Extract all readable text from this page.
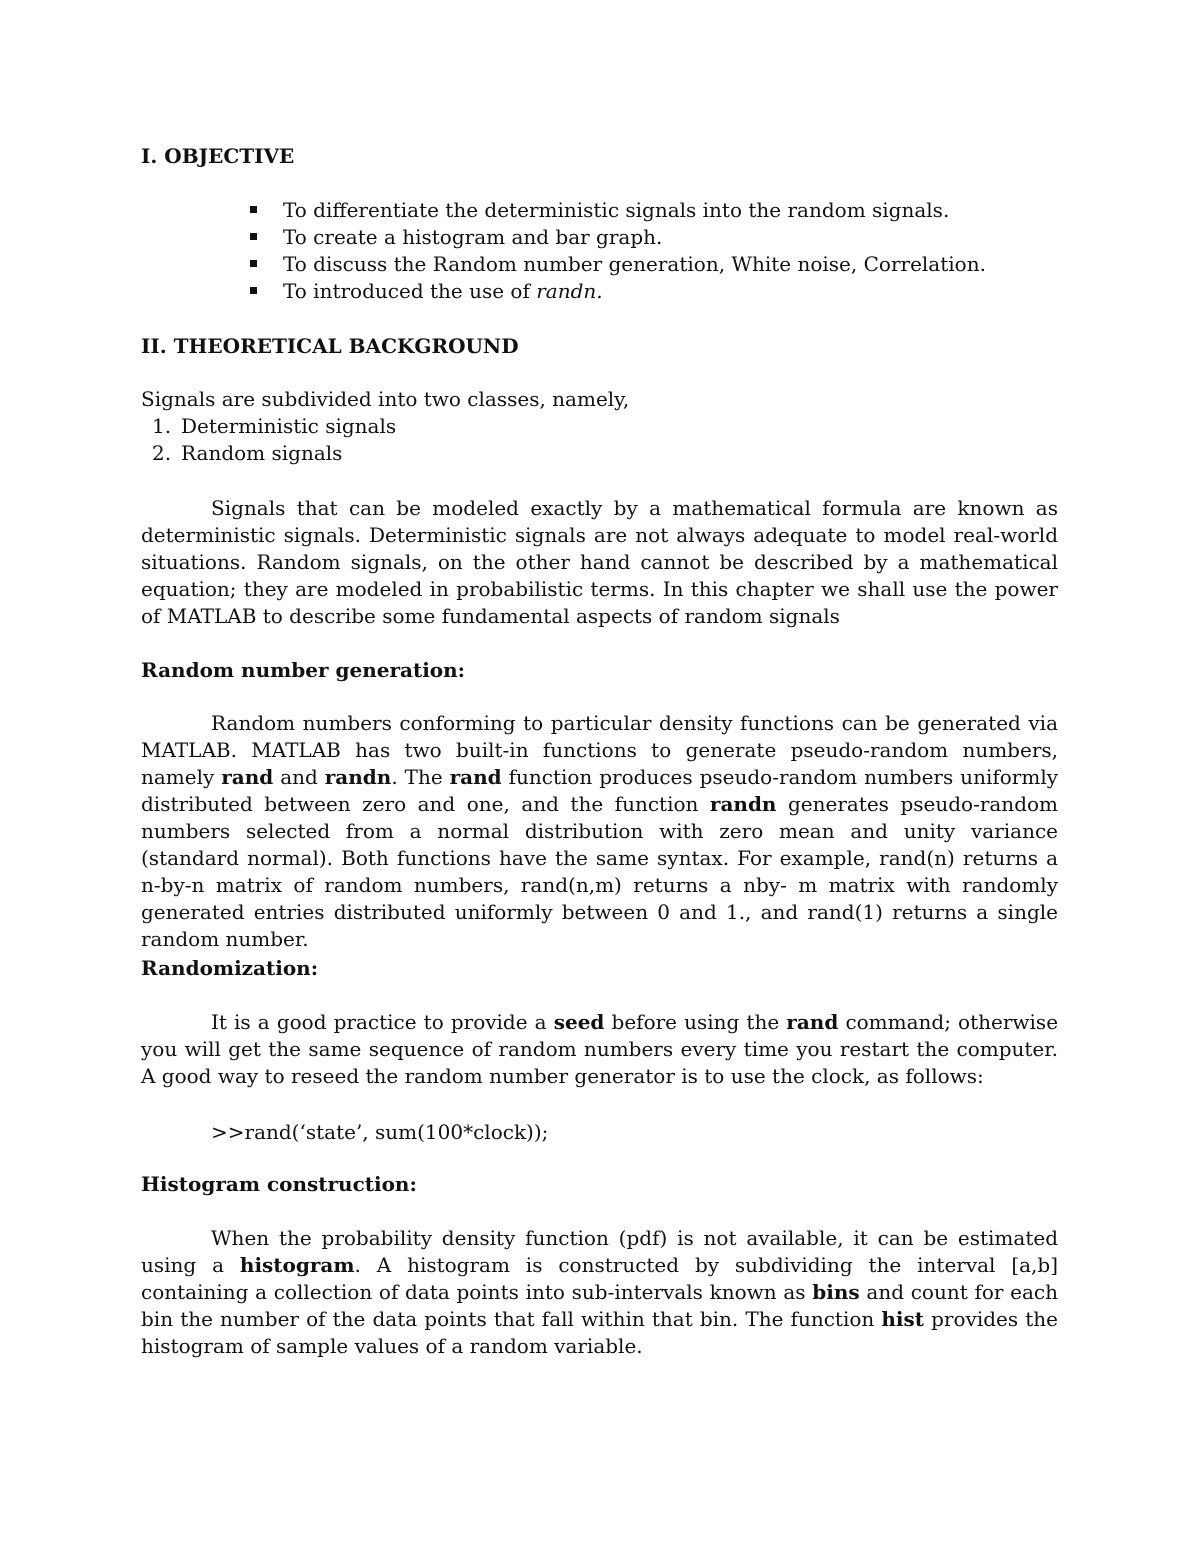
I. OBJECTIVE
To differentiate the deterministic signals into the random signals.
To create a histogram and bar graph.
To discuss the Random number generation, White noise, Correlation.
To introduced the use of randn.
II. THEORETICAL BACKGROUND
Signals are subdivided into two classes, namely,
1. Deterministic signals
2. Random signals

Signals that can be modeled exactly by a mathematical formula are known as deterministic signals. Deterministic signals are not always adequate to model real-world situations. Random signals, on the other hand cannot be described by a mathematical equation; they are modeled in probabilistic terms. In this chapter we shall use the power of MATLAB to describe some fundamental aspects of random signals

Random number generation:

Random numbers conforming to particular density functions can be generated via MATLAB. MATLAB has two built-in functions to generate pseudo-random numbers, namely rand and randn. The rand function produces pseudo-random numbers uniformly distributed between zero and one, and the function randn generates pseudo-random numbers selected from a normal distribution with zero mean and unity variance (standard normal). Both functions have the same syntax. For example, rand(n) returns a n-by-n matrix of random numbers, rand(n,m) returns a nby- m matrix with randomly generated entries distributed uniformly between 0 and 1., and rand(1) returns a single random number.

Randomization:

It is a good practice to provide a seed before using the rand command; otherwise you will get the same sequence of random numbers every time you restart the computer. A good way to reseed the random number generator is to use the clock, as follows:

>>rand(‘state’, sum(100*clock));
Histogram construction:

When the probability density function (pdf) is not available, it can be estimated using a histogram. A histogram is constructed by subdividing the interval [a,b] containing a collection of data points into sub-intervals known as bins and count for each bin the number of the data points that fall within that bin. The function hist provides the histogram of sample values of a random variable.
